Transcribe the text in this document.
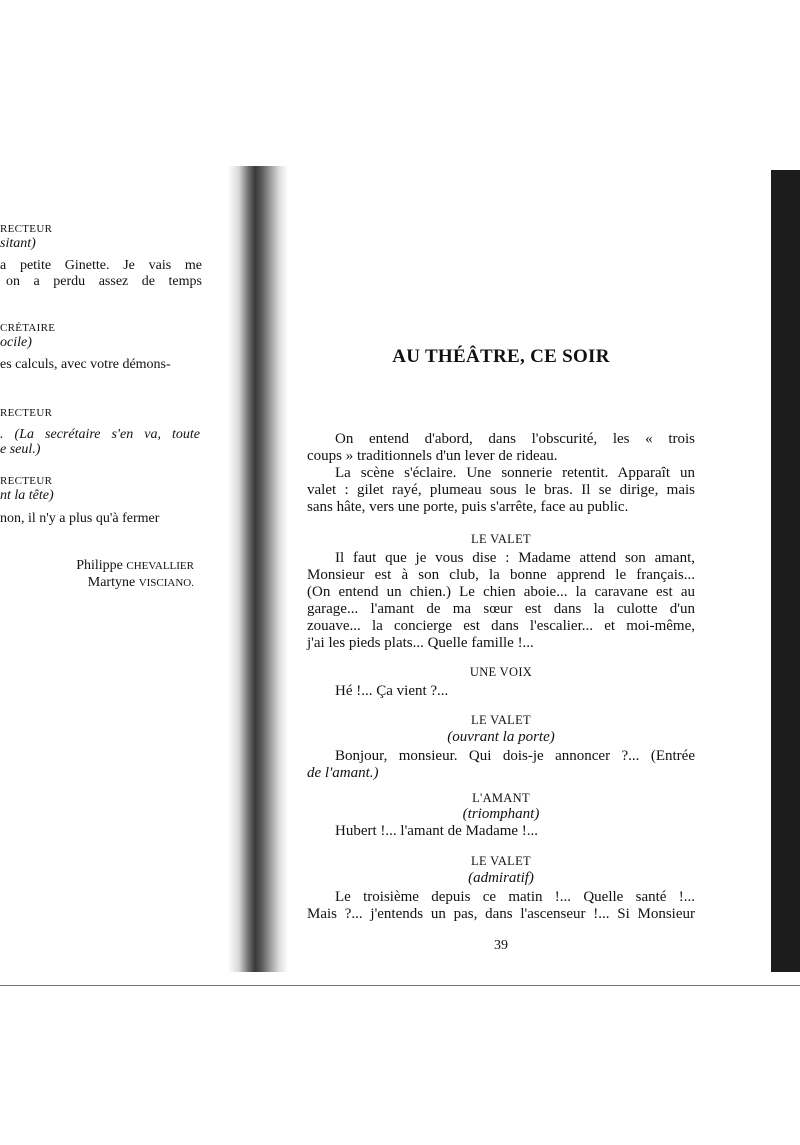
RECTEUR
sitant)
a petite Ginette. Je vais me
on a perdu assez de temps
CRÉTAIRE
ocile)
es calculs, avec votre démons-
RECTEUR
. (La secrétaire s'en va, toute
e seul.)
RECTEUR
nt la tête)
non, il n'y a plus qu'à fermer
Philippe CHEVALLIER
Martyne VISCIANO.
AU THÉÂTRE, CE SOIR
On entend d'abord, dans l'obscurité, les « trois
coups » traditionnels d'un lever de rideau.
La scène s'éclaire. Une sonnerie retentit. Apparaît un
valet : gilet rayé, plumeau sous le bras. Il se dirige, mais
sans hâte, vers une porte, puis s'arrête, face au public.
LE VALET
Il faut que je vous dise : Madame attend son amant,
Monsieur est à son club, la bonne apprend le français...
(On entend un chien.) Le chien aboie... la caravane est au
garage... l'amant de ma sœur est dans la culotte d'un
zouave... la concierge est dans l'escalier... et moi-même,
j'ai les pieds plats... Quelle famille !...
UNE VOIX
Hé !... Ça vient ?...
LE VALET
(ouvrant la porte)
Bonjour, monsieur. Qui dois-je annoncer ?... (Entrée
de l'amant.)
L'AMANT
(triomphant)
Hubert !... l'amant de Madame !...
LE VALET
(admiratif)
Le troisième depuis ce matin !... Quelle santé !...
Mais ?... j'entends un pas, dans l'ascenseur !... Si Monsieur
39
